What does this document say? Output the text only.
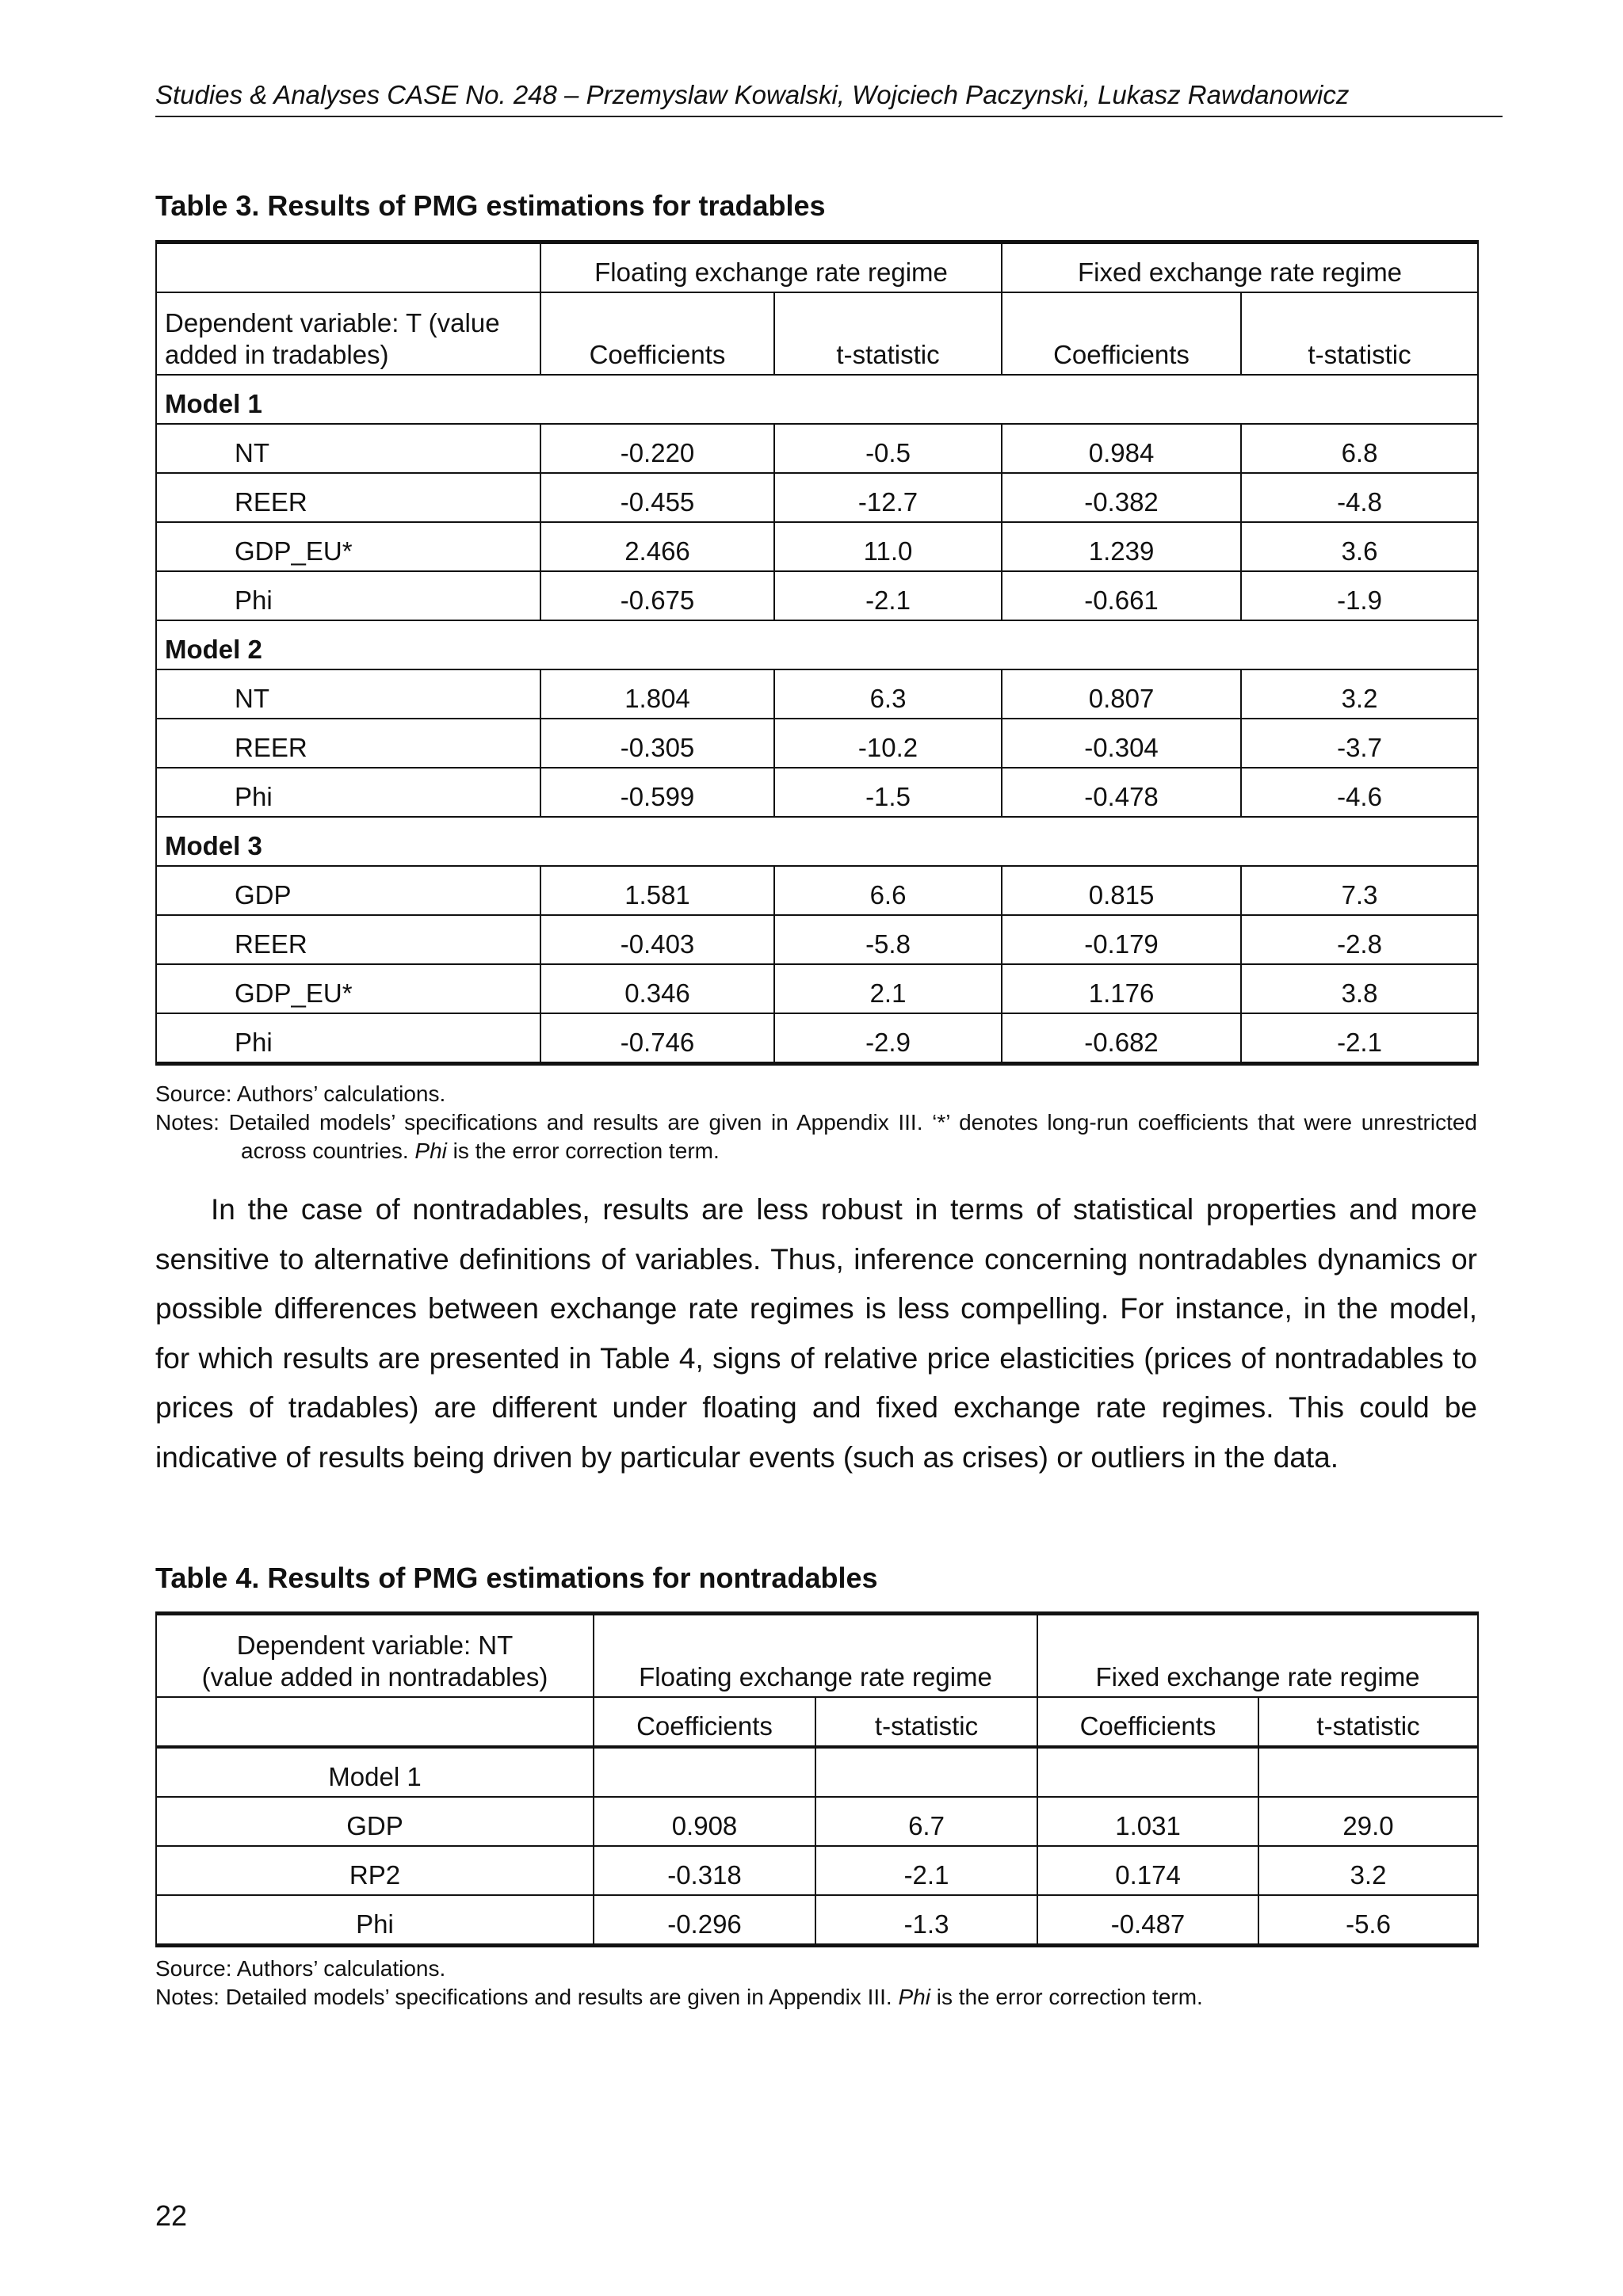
Studies & Analyses CASE No. 248 – Przemyslaw Kowalski, Wojciech Paczynski, Lukasz Rawdanowicz
Table 3. Results of PMG estimations for tradables
	Floating exchange rate regime		Fixed exchange rate regime	
Dependent variable: T (value added in tradables)	Coefficients	t-statistic	Coefficients	t-statistic
Model 1				
NT	-0.220	-0.5	0.984	6.8
REER	-0.455	-12.7	-0.382	-4.8
GDP_EU*	2.466	11.0	1.239	3.6
Phi	-0.675	-2.1	-0.661	-1.9
Model 2				
NT	1.804	6.3	0.807	3.2
REER	-0.305	-10.2	-0.304	-3.7
Phi	-0.599	-1.5	-0.478	-4.6
Model 3				
GDP	1.581	6.6	0.815	7.3
REER	-0.403	-5.8	-0.179	-2.8
GDP_EU*	0.346	2.1	1.176	3.8
Phi	-0.746	-2.9	-0.682	-2.1
Source: Authors’ calculations.
Notes: Detailed models’ specifications and results are given in Appendix III. ‘*’ denotes long-run coefficients that were unrestricted across countries. Phi is the error correction term.
In the case of nontradables, results are less robust in terms of statistical properties and more sensitive to alternative definitions of variables. Thus, inference concerning nontradables dynamics or possible differences between exchange rate regimes is less compelling. For instance, in the model, for which results are presented in Table 4, signs of relative price elasticities (prices of nontradables to prices of tradables) are different under floating and fixed exchange rate regimes. This could be indicative of results being driven by particular events (such as crises) or outliers in the data.
Table 4. Results of PMG estimations for nontradables
Dependent variable: NT
(value added in nontradables)	Floating exchange rate regime		Fixed exchange rate regime	
	Coefficients	t-statistic	Coefficients	t-statistic
Model 1				
GDP	0.908	6.7	1.031	29.0
RP2	-0.318	-2.1	0.174	3.2
Phi	-0.296	-1.3	-0.487	-5.6
Source: Authors’ calculations.
Notes: Detailed models’ specifications and results are given in Appendix III. Phi is the error correction term.
22
